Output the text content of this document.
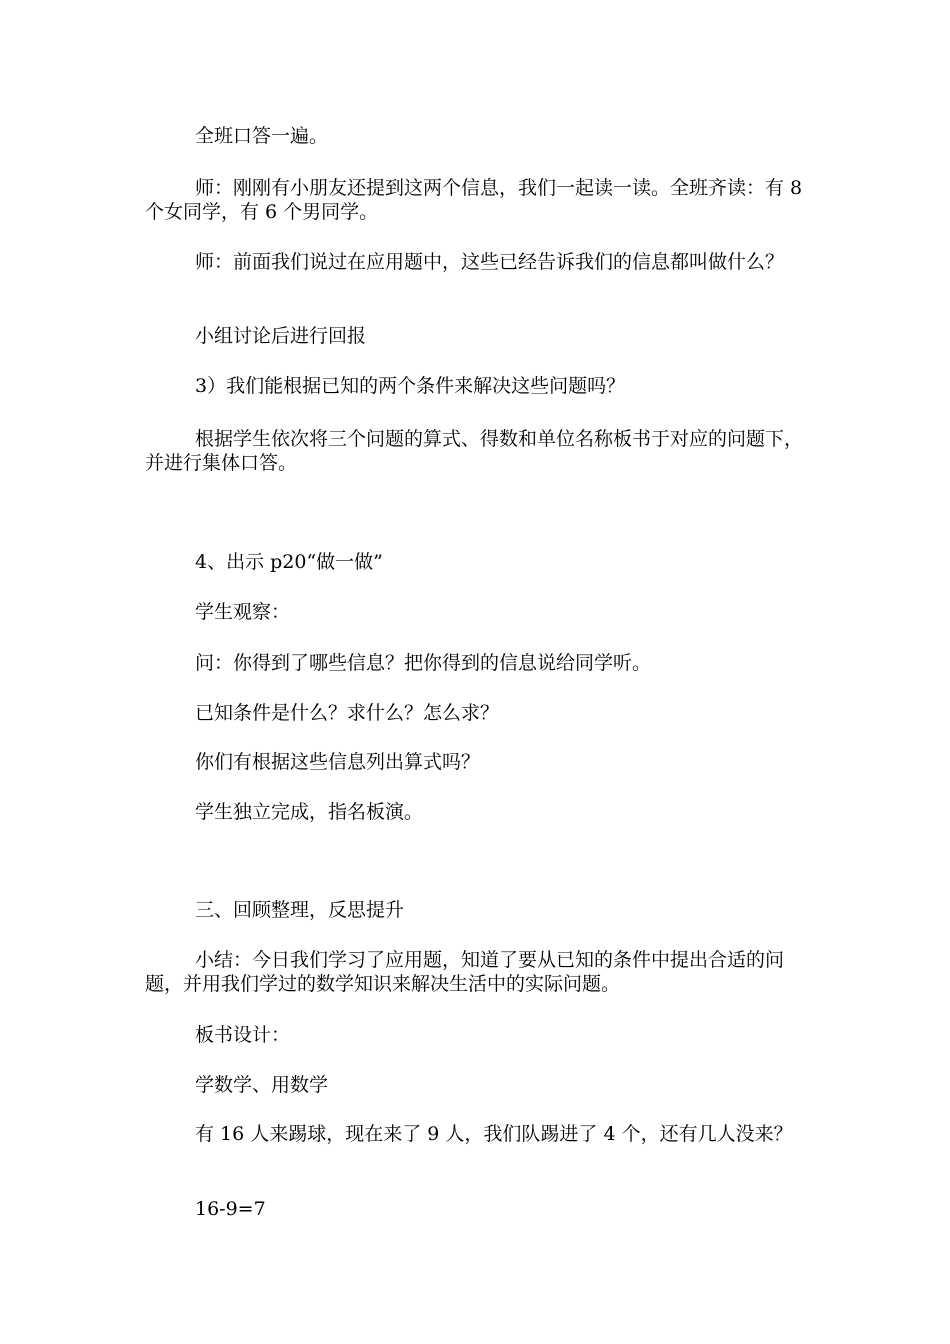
全班口答一遍。

师：刚刚有小朋友还提到这两个信息，我们一起读一读。全班齐读：有 8 个女同学，有 6 个男同学。

师：前面我们说过在应用题中，这些已经告诉我们的信息都叫做什么？

小组讨论后进行回报

3）我们能根据已知的两个条件来解决这些问题吗？

根据学生依次将三个问题的算式、得数和单位名称板书于对应的问题下，并进行集体口答。

4、出示 p20“做一做”

学生观察：

问：你得到了哪些信息？把你得到的信息说给同学听。

已知条件是什么？求什么？怎么求？

你们有根据这些信息列出算式吗？

学生独立完成，指名板演。

三、回顾整理，反思提升

小结：今日我们学习了应用题，知道了要从已知的条件中提出合适的问题，并用我们学过的数学知识来解决生活中的实际问题。

板书设计：

学数学、用数学

有 16 人来踢球，现在来了 9 人，我们队踢进了 4 个，还有几人没来？

16-9=7
